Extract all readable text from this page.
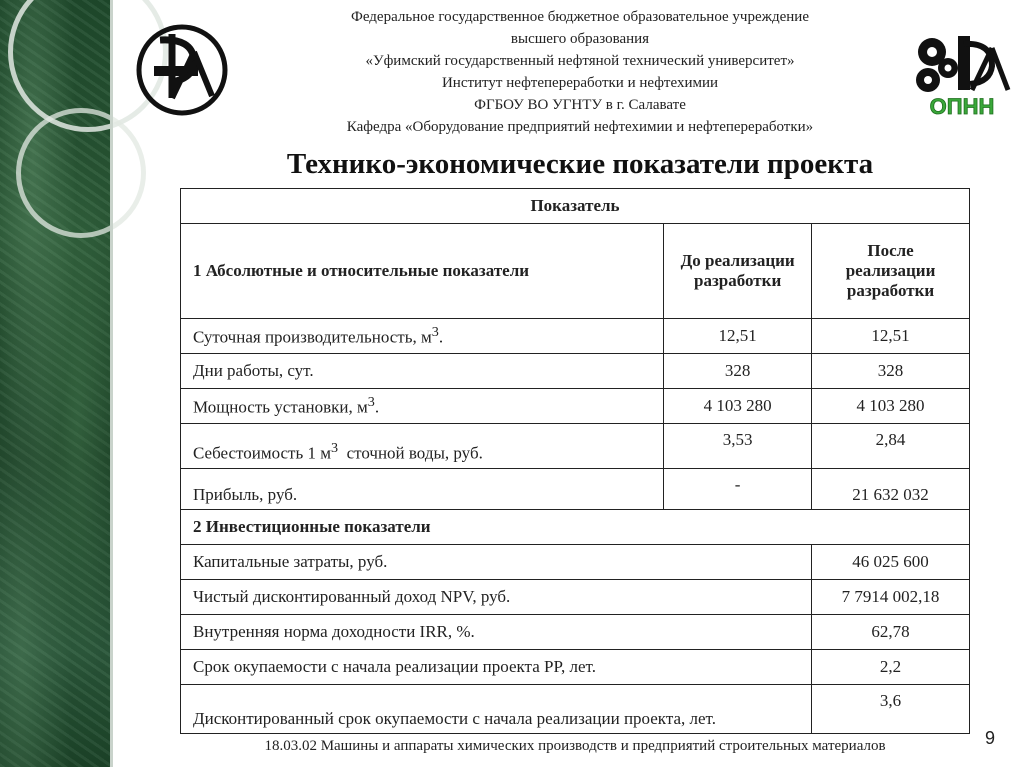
ОПНН
Федеральное государственное бюджетное образовательное учреждение
высшего образования
«Уфимский государственный нефтяной технический университет»
Институт нефтепереработки и нефтехимии
ФГБОУ ВО УГНТУ в г. Салавате
Кафедра «Оборудование предприятий нефтехимии и нефтепереработки»
Технико-экономические показатели проекта
Показатель		
1 Абсолютные и относительные показатели	До реализации разработки	После реализации разработки
Суточная производительность, $м^3$.	12,51	12,51
Дни работы, сут.	328	328
Мощность установки, $м^3$.	4 103 280	4 103 280
Себестоимость 1 $м^3$  сточной воды, руб.	3,53	2,84
Прибыль, руб.	-	21 632 032
2 Инвестиционные показатели		
Капитальные затраты, руб.		46 025 600
Чистый дисконтированный доход NPV, руб.		7 7914 002,18
Внутренняя норма доходности IRR, %.		62,78
Срок окупаемости с начала реализации проекта PP, лет.		2,2
Дисконтированный срок окупаемости с начала реализации проекта, лет.		3,6
18.03.02 Машины и аппараты химических производств и предприятий строительных материалов	9
